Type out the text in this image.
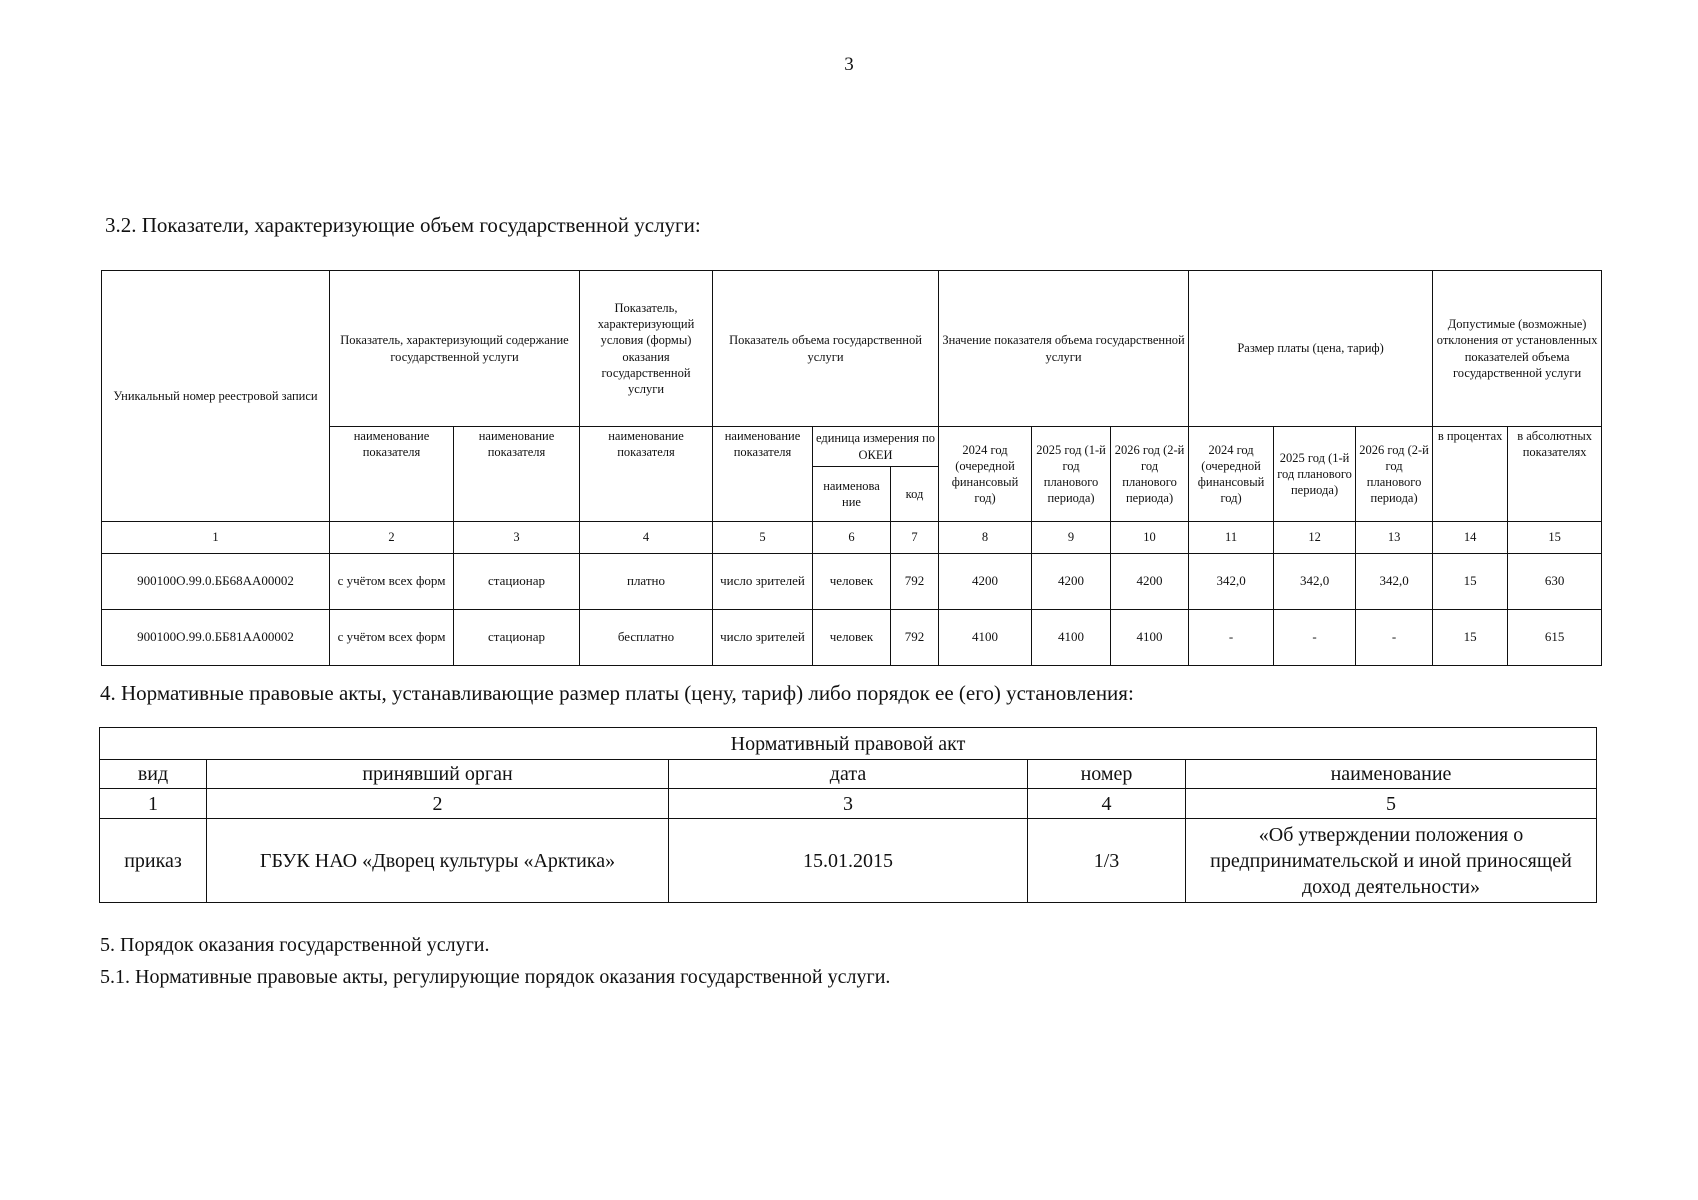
3
3.2. Показатели, характеризующие объем государственной услуги:
Уникальный номер реестровой записи	Показатель, характеризующий содержание государственной услуги		Показатель, характеризующий условия (формы) оказания государственной услуги	Показатель объема государственной услуги			Значение показателя объема государственной услуги			Размер платы (цена, тариф)			Допустимые (возможные) отклонения от установленных показателей объема государственной услуги	
	наименование показателя	наименование показателя	наименование показателя	наименование показателя	единица измерения по ОКЕИ		2024 год (очередной финансовый год)	2025 год (1-й год планового периода)	2026 год (2-й год планового периода)	2024 год (очередной финансовый год)	2025 год (1-й год планового периода)	2026 год (2-й год планового периода)	в процентах	в абсолютных показателях
					наименова ние	код								
1	2	3	4	5	6	7	8	9	10	11	12	13	14	15
900100О.99.0.ББ68АА00002	с учётом всех форм	стационар	платно	число зрителей	человек	792	4200	4200	4200	342,0	342,0	342,0	15	630
900100О.99.0.ББ81АА00002	с учётом всех форм	стационар	бесплатно	число зрителей	человек	792	4100	4100	4100	-	-	-	15	615
4. Нормативные правовые акты, устанавливающие размер платы (цену, тариф) либо порядок ее (его) установления:
Нормативный правовой акт				
вид	принявший орган	дата	номер	наименование
1	2	3	4	5
приказ	ГБУК НАО «Дворец культуры «Арктика»	15.01.2015	1/3	«Об утверждении положения о предпринимательской и иной приносящей доход деятельности»
5. Порядок оказания государственной услуги.
5.1. Нормативные правовые акты, регулирующие порядок оказания государственной услуги.
